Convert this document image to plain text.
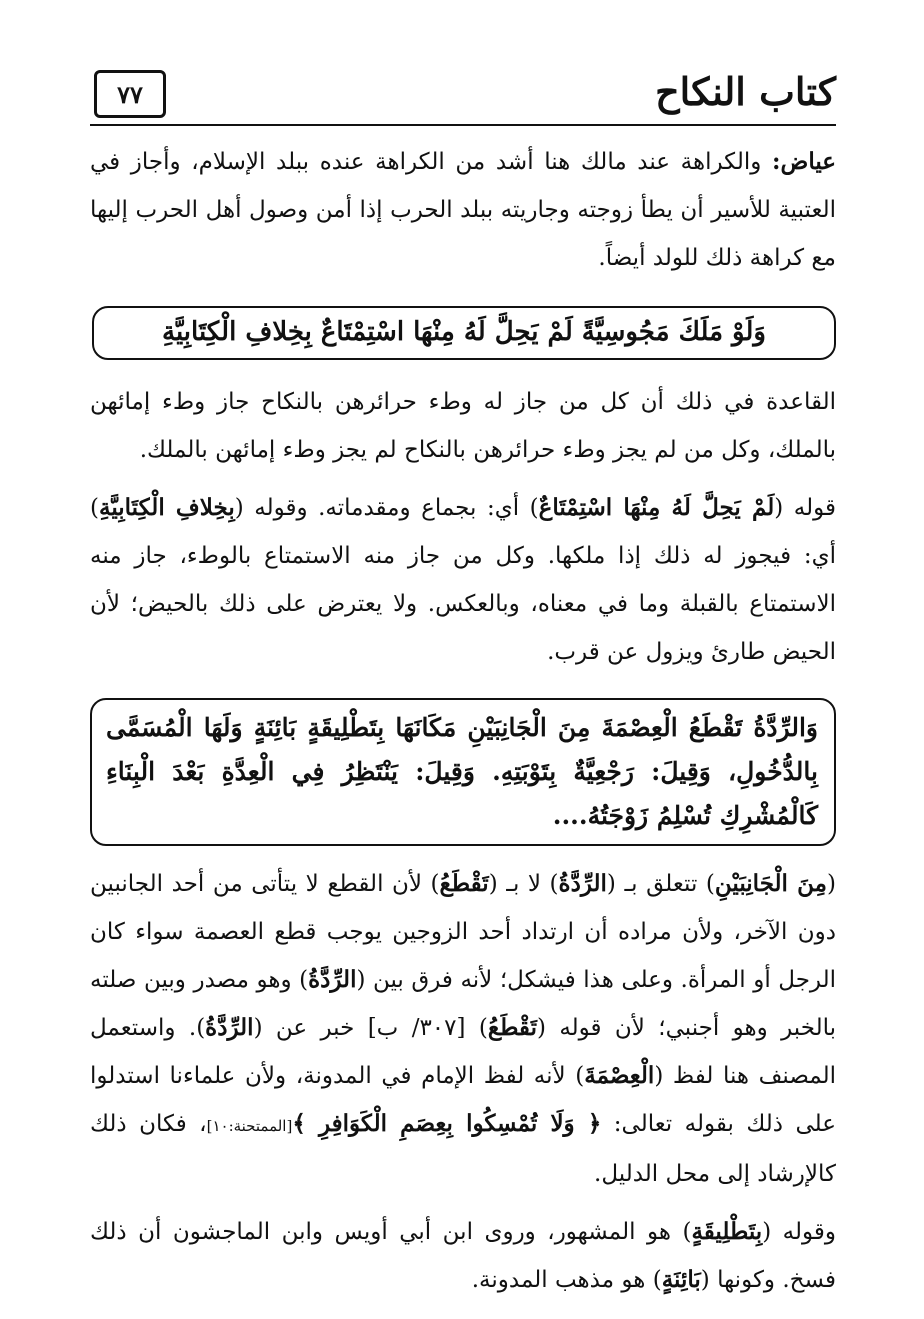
كتاب النكاح
٧٧

عياض: والكراهة عند مالك هنا أشد من الكراهة عنده ببلد الإسلام، وأجاز في العتبية للأسير أن يطأ زوجته وجاريته ببلد الحرب إذا أمن وصول أهل الحرب إليها مع كراهة ذلك للولد أيضاً.

وَلَوْ مَلَكَ مَجُوسِيَّةً لَمْ يَحِلَّ لَهُ مِنْهَا اسْتِمْتَاعٌ بِخِلافِ الْكِتَابِيَّةِ

القاعدة في ذلك أن كل من جاز له وطء حرائرهن بالنكاح جاز وطء إمائهن بالملك، وكل من لم يجز وطء حرائرهن بالنكاح لم يجز وطء إمائهن بالملك.

قوله (لَمْ يَحِلَّ لَهُ مِنْهَا اسْتِمْتَاعٌ) أي: بجماع ومقدماته. وقوله (بِخِلافِ الْكِتَابِيَّةِ) أي: فيجوز له ذلك إذا ملكها. وكل من جاز منه الاستمتاع بالوطء، جاز منه الاستمتاع بالقبلة وما في معناه، وبالعكس. ولا يعترض على ذلك بالحيض؛ لأن الحيض طارئ ويزول عن قرب.

وَالرِّدَّةُ تَقْطَعُ الْعِصْمَةَ مِنَ الْجَانِبَيْنِ مَكَانَهَا بِتَطْلِيقَةٍ بَائِنَةٍ وَلَهَا الْمُسَمَّى بِالدُّخُولِ، وَقِيلَ: رَجْعِيَّةٌ بِتَوْبَتِهِ. وَقِيلَ: يَنْتَظِرُ فِي الْعِدَّةِ بَعْدَ الْبِنَاءِ كَالْمُشْرِكِ تُسْلِمُ زَوْجَتُهُ....

(مِنَ الْجَانِبَيْنِ) تتعلق بـ (الرِّدَّةُ) لا بـ (تَقْطَعُ) لأن القطع لا يتأتى من أحد الجانبين دون الآخر، ولأن مراده أن ارتداد أحد الزوجين يوجب قطع العصمة سواء كان الرجل أو المرأة. وعلى هذا فيشكل؛ لأنه فرق بين (الرِّدَّةُ) وهو مصدر وبين صلته بالخبر وهو أجنبي؛ لأن قوله (تَقْطَعُ) [٣٠٧/ ب] خبر عن (الرِّدَّةُ). واستعمل المصنف هنا لفظ (الْعِصْمَةَ) لأنه لفظ الإمام في المدونة، ولأن علماءنا استدلوا على ذلك بقوله تعالى: ﴿ وَلَا تُمْسِكُوا بِعِصَمِ الْكَوَافِرِ ﴾[الممتحنة:١٠]، فكان ذلك كالإرشاد إلى محل الدليل.

وقوله (بِتَطْلِيقَةٍ) هو المشهور، وروى ابن أبي أويس وابن الماجشون أن ذلك فسخ. وكونها (بَائِنَةٍ) هو مذهب المدونة.
